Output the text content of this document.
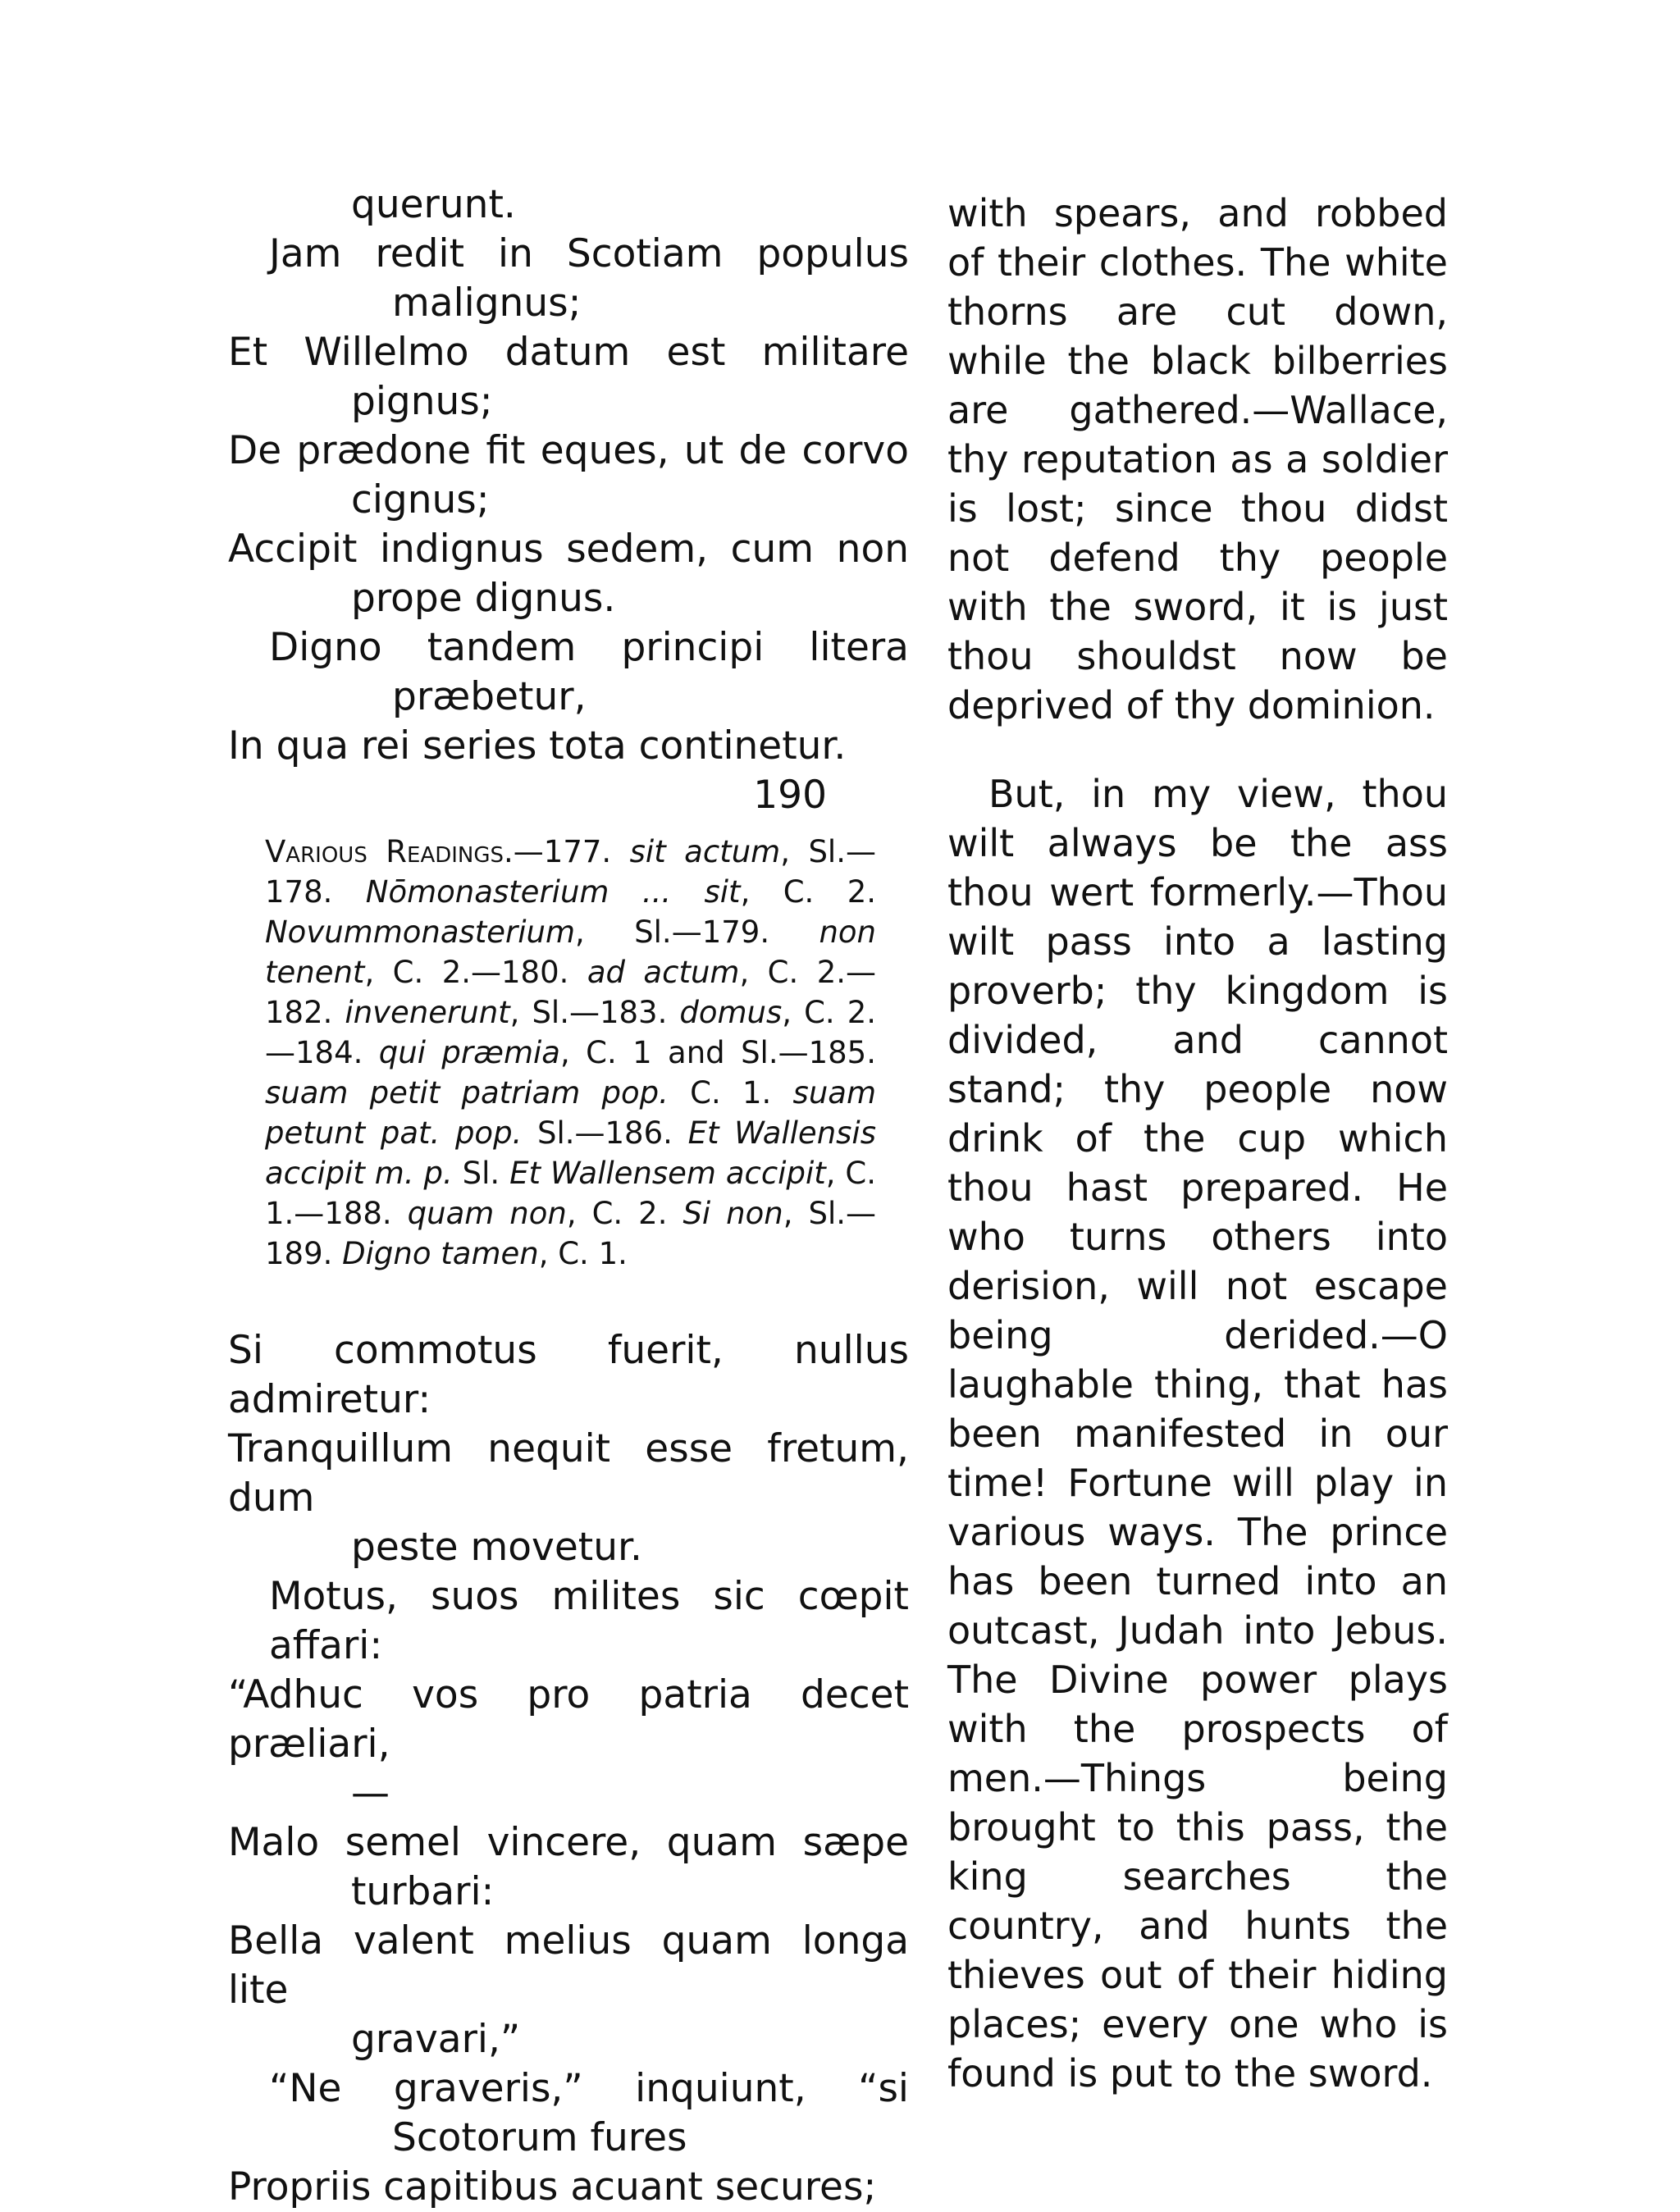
querunt.
Jam redit in Scotiam populus
malignus;
Et Willelmo datum est militare
pignus;
De prædone fit eques, ut de corvo
cignus;
Accipit indignus sedem, cum non
prope dignus.
Digno tandem principi litera
præbetur,
In qua rei series tota continetur.
190
Various Readings.—177. sit actum, Sl.—178. Nōmonasterium ... sit, C. 2. Novummonasterium, Sl.—179. non tenent, C. 2.—180. ad actum, C. 2.—182. invenerunt, Sl.—183. domus, C. 2.—184. qui præmia, C. 1 and Sl.—185. suam petit patriam pop. C. 1. suam petunt pat. pop. Sl.—186. Et Wallensis accipit m. p. Sl. Et Wallensem accipit, C. 1.—188. quam non, C. 2. Si non, Sl.—189. Digno tamen, C. 1.
Si commotus fuerit, nullus admiretur:
Tranquillum nequit esse fretum, dum
peste movetur.
Motus, suos milites sic cœpit affari:
“Adhuc vos pro patria decet præliari,
—
Malo semel vincere, quam sæpe
turbari:
Bella valent melius quam longa lite
gravari,”
“Ne graveris,” inquiunt, “si
Scotorum fures
Propriis capitibus acuant secures;

with spears, and robbed of their clothes. The white thorns are cut down, while the black bilberries are gathered.—Wallace, thy reputation as a soldier is lost; since thou didst not defend thy people with the sword, it is just thou shouldst now be deprived of thy dominion.

But, in my view, thou wilt always be the ass thou wert formerly.—Thou wilt pass into a lasting proverb; thy kingdom is divided, and cannot stand; thy people now drink of the cup which thou hast prepared. He who turns others into derision, will not escape being derided.—O laughable thing, that has been manifested in our time! Fortune will play in various ways. The prince has been turned into an outcast, Judah into Jebus. The Divine power plays with the prospects of men.—Things being brought to this pass, the king searches the country, and hunts the thieves out of their hiding places; every one who is found is put to the sword.
